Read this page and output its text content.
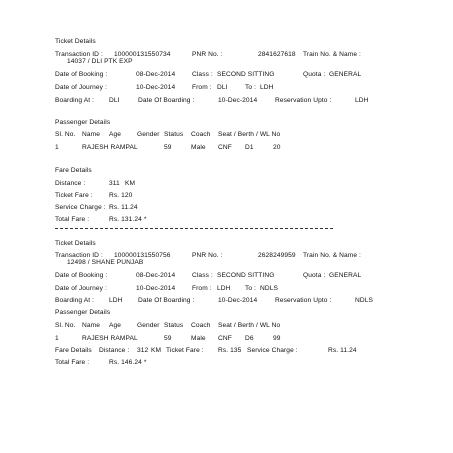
Ticket Details
Transaction ID : 100000131550734	PNR No. :	2841627618 Train No. & Name :
14037 / DLI PTK EXP
Date of Booking :	08-Dec-2014	Class : SECOND SITTING	Quota : GENERAL
Date of Journey :	10-Dec-2014	From : DLI	To : LDH
Boarding At : DLI	Date Of Boarding :	10-Dec-2014	Reservation Upto :	LDH
Passenger Details
Sl. No. Name Age Gender Status Coach Seat / Berth / WL No
1	RAJESH RAMPAL	59	Male CNF D1	20
Fare Details
Distance :	311 KM
Ticket Fare : Rs. 120
Service Charge : Rs. 11.24
Total Fare :	Rs. 131.24 *
Ticket Details
Transaction ID : 100000131550756	PNR No. :	2628249959 Train No. & Name :
12498 / SHANE PUNJAB
Date of Booking :	08-Dec-2014	Class : SECOND SITTING	Quota : GENERAL
Date of Journey :	10-Dec-2014	From : LDH To : NDLS
Boarding At : LDH Date Of Boarding :	10-Dec-2014	Reservation Upto :	NDLS
Passenger Details
Sl. No. Name Age Gender Status Coach Seat / Berth / WL No
1	RAJESH RAMPAL	59	Male CNF D6	99
Fare Details Distance : 312 KM Ticket Fare : Rs. 135 Service Charge :	Rs. 11.24
Total Fare :	Rs. 146.24 *
